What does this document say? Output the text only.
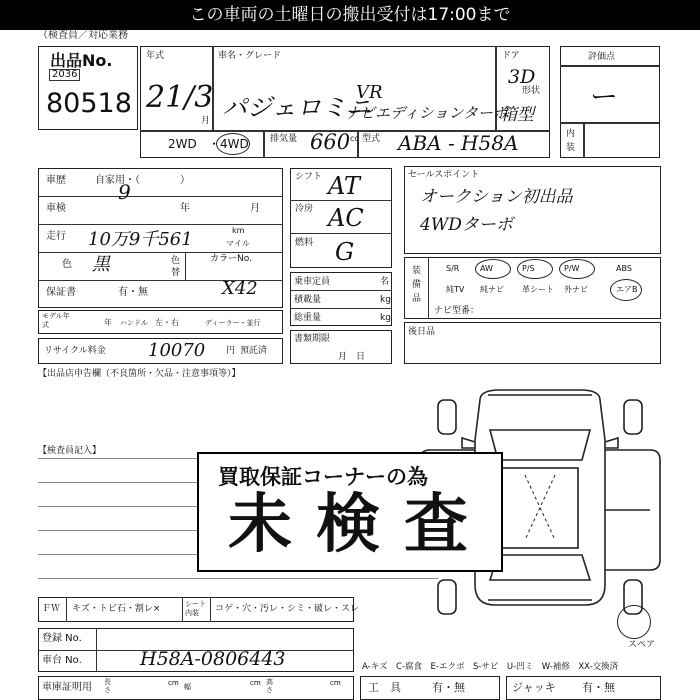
この車両の土曜日の搬出受付は17:00まで
（検査員／対応業務
出品No.
2036
80518
年式
21/3
月
車名・グレード
パジェロミニ
VR
ナビエディションターボ
ドア
3D
形状
箱型
2WD ・ 4WD 排気量 660 cc 型式 ABA - H58A
評価点
ー
内装
車歴	自家用・（　　　　）
9
車検	年	月
走行 10万9千561	km
マイル
色 黒	色替
カラーNo.
保証書	有・無	X42
モデル年式	年 ハンドル 左・右	ディーラー・並行
リサイクル料金 10070 円 預託済
シフト AT
冷房 AC
燃料 G
乗車定員	名
積載量	kg
総重量	kg
書類期限
月　日
セールスポイント
オークション初出品
4WDターボ
装備品
S/R	AW	P/S	P/W	ABS
純TV 純ナビ 革シート 外ナビ	エアB
ナビ型番：
後日品
【出品店申告欄（不良箇所・欠品・注意事項等）】
【検査員記入】
スペア
買取保証コーナーの為
未検査
ＦＷ キズ・トビ石・割レ×	シート内装	コゲ・穴・汚レ・シミ・破レ・スレ
登録 No.
車台 No.	H58A-0806443
車庫証明用 長さ
cm 幅	cm 高さ
cm
A-キズ　C-腐食　E-エクボ　S-サビ　U-凹ミ　W-補修　XX-交換済
工　具	有・無	ジャッキ 有・無
